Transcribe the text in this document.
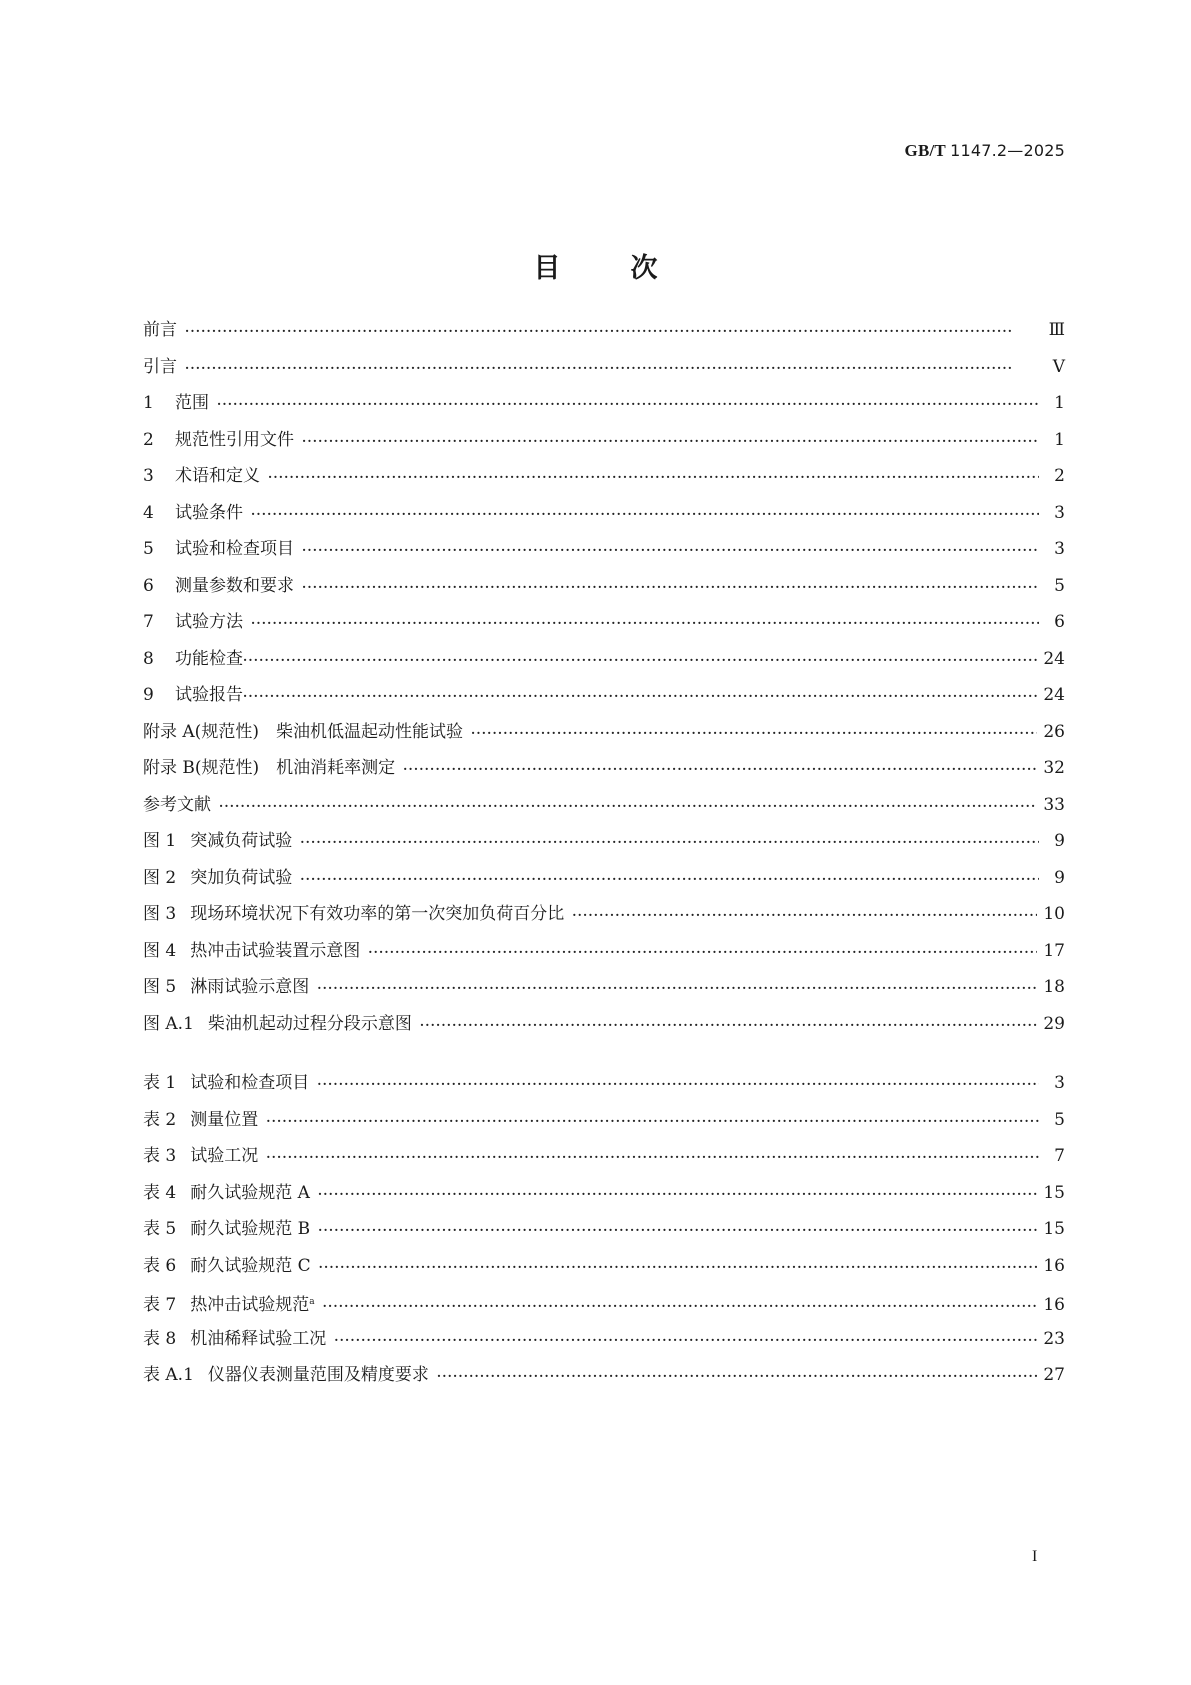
GB/T 1147.2—2025
目	次
前言 ·····	Ⅲ
引言 ·····	Ⅴ
1 范围 ·····	1
2 规范性引用文件 ·····	1
3 术语和定义 ·····	2
4 试验条件 ·····	3
5 试验和检查项目 ·····	3
6 测量参数和要求 ·····	5
7 试验方法 ·····	6
8 功能检查 ·····	24
9 试验报告 ·····	24
附录 A(规范性)　柴油机低温起动性能试验 ·····	26
附录 B(规范性)　机油消耗率测定 ·····	32
参考文献 ·····	33
图 1 突减负荷试验 ·····	9
图 2 突加负荷试验 ·····	9
图 3 现场环境状况下有效功率的第一次突加负荷百分比 ·····	10
图 4 热冲击试验装置示意图 ·····	17
图 5 淋雨试验示意图 ·····	18
图 A.1 柴油机起动过程分段示意图 ·····	29
表 1 试验和检查项目 ·····	3
表 2 测量位置 ·····	5
表 3 试验工况 ·····	7
表 4 耐久试验规范 A ·····	15
表 5 耐久试验规范 B ·····	15
表 6 耐久试验规范 C ·····	16
表 7 热冲击试验规范$^a$ ·····	16
表 8 机油稀释试验工况 ·····	23
表 A.1 仪器仪表测量范围及精度要求 ·····	27
I
